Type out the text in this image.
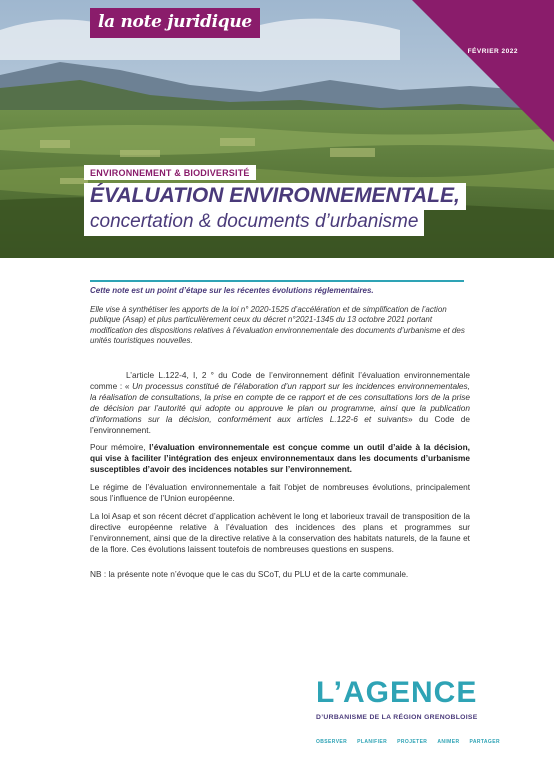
la note juridique
FÉVRIER 2022
ENVIRONNEMENT & BIODIVERSITÉ
ÉVALUATION ENVIRONNEMENTALE,
concertation & documents d’urbanisme

Cette note est un point d’étape sur les récentes évolutions réglementaires.

Elle vise à synthétiser les apports de la loi n° 2020-1525 d’accélération et de simplification de l’action publique (Asap) et plus particulièrement ceux du décret n°2021-1345 du 13 octobre 2021 portant modification des dispositions relatives à l’évaluation environnementale des documents d’urbanisme et des unités touristiques nouvelles.

L’article L.122-4, I, 2 ° du Code de l’environnement définit l’évaluation environnementale comme : « Un processus constitué de l’élaboration d’un rapport sur les incidences environnementales, la réalisation de consultations, la prise en compte de ce rapport et de ces consultations lors de la prise de décision par l’autorité qui adopte ou approuve le plan ou programme, ainsi que la publication d’informations sur la décision, conformément aux articles L.122-6 et suivants» du Code de l’environnement.

Pour mémoire, l’évaluation environnementale est conçue comme un outil d’aide à la décision, qui vise à faciliter l’intégration des enjeux environnementaux dans les documents d’urbanisme susceptibles d’avoir des incidences notables sur l’environnement.

Le régime de l’évaluation environnementale a fait l’objet de nombreuses évolutions, principalement sous l’influence de l’Union européenne.

La loi Asap et son récent décret d’application achèvent le long et laborieux travail de transposition de la directive européenne relative à l’évaluation des incidences des plans et programmes sur l’environnement, ainsi que de la directive relative à la conservation des habitats naturels, de la faune et de la flore. Ces évolutions laissent toutefois de nombreuses questions en suspens.

NB : la présente note n’évoque que le cas du SCoT, du PLU et de la carte communale.

L’AGENCE
D’URBANISME DE LA RÉGION GRENOBLOISE
OBSERVER PLANIFIER PROJETER ANIMER PARTAGER
